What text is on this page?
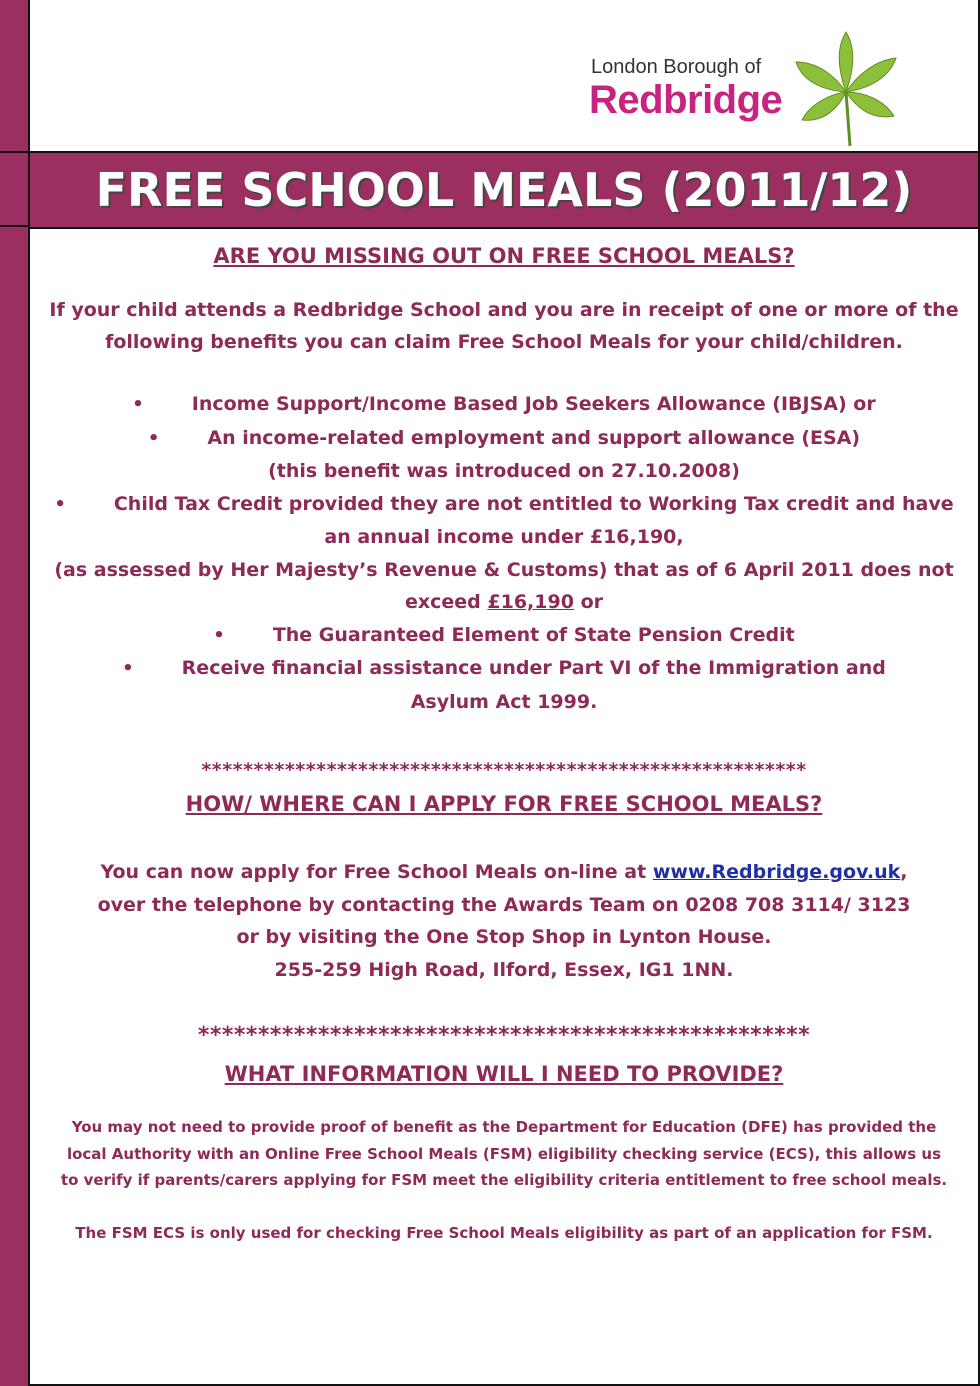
London Borough of
Redbridge
FREE SCHOOL MEALS (2011/12)

ARE YOU MISSING OUT ON FREE SCHOOL MEALS?

If your child attends a Redbridge School and you are in receipt of one or more of the following benefits you can claim Free School Meals for your child/children.

•	Income Support/Income Based Job Seekers Allowance (IBJSA) or
•	An income-related employment and support allowance (ESA)
(this benefit was introduced on 27.10.2008)
•	Child Tax Credit provided they are not entitled to Working Tax credit and have an annual income under £16,190,
(as assessed by Her Majesty’s Revenue & Customs) that as of 6 April 2011 does not exceed £16,190 or
•	The Guaranteed Element of State Pension Credit
•	Receive financial assistance under Part VI of the Immigration and Asylum Act 1999.

**********************************************************

HOW/ WHERE CAN I APPLY FOR FREE SCHOOL MEALS?

You can now apply for Free School Meals on-line at www.Redbridge.gov.uk,
over the telephone by contacting the Awards Team on 0208 708 3114/ 3123
or by visiting the One Stop Shop in Lynton House.
255-259 High Road, Ilford, Essex, IG1 1NN.

***************************************************

WHAT INFORMATION WILL I NEED TO PROVIDE?

You may not need to provide proof of benefit as the Department for Education (DFE) has provided the

local Authority with an Online Free School Meals (FSM) eligibility checking service (ECS), this allows us

to verify if parents/carers applying for FSM meet the eligibility criteria entitlement to free school meals.

The FSM ECS is only used for checking Free School Meals eligibility as part of an application for FSM.
